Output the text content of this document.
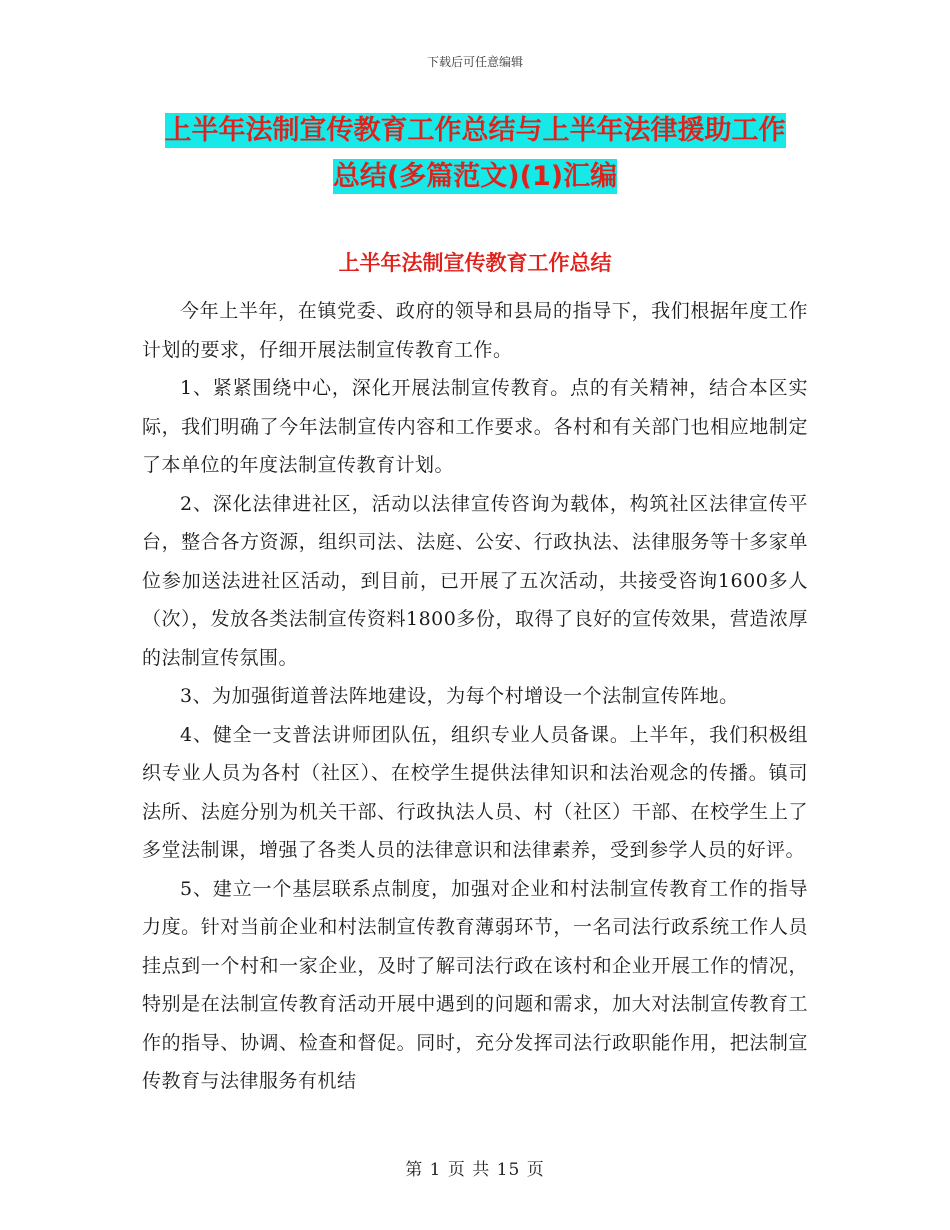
下载后可任意编辑
上半年法制宣传教育工作总结与上半年法律援助工作
总结(多篇范文)(1)汇编
上半年法制宣传教育工作总结

今年上半年，在镇党委、政府的领导和县局的指导下，我们根据年度工作计划的要求，仔细开展法制宣传教育工作。

1、紧紧围绕中心，深化开展法制宣传教育。点的有关精神，结合本区实际，我们明确了今年法制宣传内容和工作要求。各村和有关部门也相应地制定了本单位的年度法制宣传教育计划。

2、深化法律进社区，活动以法律宣传咨询为载体，构筑社区法律宣传平台，整合各方资源，组织司法、法庭、公安、行政执法、法律服务等十多家单位参加送法进社区活动，到目前，已开展了五次活动，共接受咨询1600多人（次），发放各类法制宣传资料1800多份，取得了良好的宣传效果，营造浓厚的法制宣传氛围。

3、为加强街道普法阵地建设，为每个村增设一个法制宣传阵地。

4、健全一支普法讲师团队伍，组织专业人员备课。上半年，我们积极组织专业人员为各村（社区）、在校学生提供法律知识和法治观念的传播。镇司法所、法庭分别为机关干部、行政执法人员、村（社区）干部、在校学生上了多堂法制课，增强了各类人员的法律意识和法律素养，受到参学人员的好评。

5、建立一个基层联系点制度，加强对企业和村法制宣传教育工作的指导力度。针对当前企业和村法制宣传教育薄弱环节，一名司法行政系统工作人员挂点到一个村和一家企业，及时了解司法行政在该村和企业开展工作的情况，特别是在法制宣传教育活动开展中遇到的问题和需求，加大对法制宣传教育工作的指导、协调、检查和督促。同时，充分发挥司法行政职能作用，把法制宣传教育与法律服务有机结

第 1 页 共 15 页
